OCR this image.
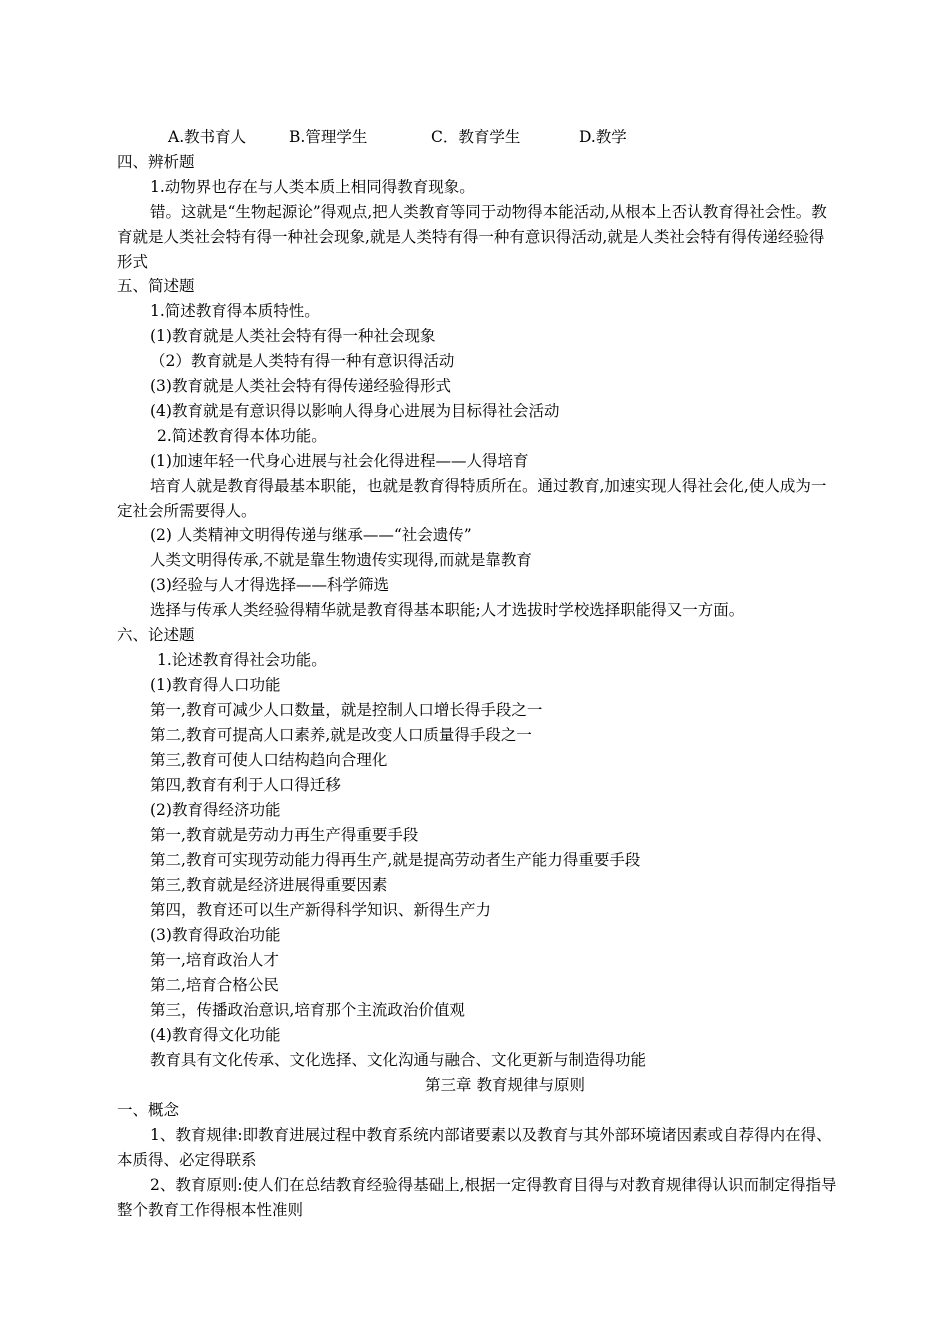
A.教书育人	B.管理学生	C．教育学生	D.教学
四、辨析题
1.动物界也存在与人类本质上相同得教育现象。
错。这就是“生物起源论”得观点,把人类教育等同于动物得本能活动,从根本上否认教育得社会性。教育就是人类社会特有得一种社会现象,就是人类特有得一种有意识得活动,就是人类社会特有得传递经验得形式
五、简述题
1.简述教育得本质特性。
(1)教育就是人类社会特有得一种社会现象
（2）教育就是人类特有得一种有意识得活动
(3)教育就是人类社会特有得传递经验得形式
(4)教育就是有意识得以影响人得身心进展为目标得社会活动
2.简述教育得本体功能。
(1)加速年轻一代身心进展与社会化得进程——人得培育
培育人就是教育得最基本职能，也就是教育得特质所在。通过教育,加速实现人得社会化,使人成为一定社会所需要得人。
(2) 人类精神文明得传递与继承——“社会遗传”
人类文明得传承,不就是靠生物遗传实现得,而就是靠教育
(3)经验与人才得选择——科学筛选
选择与传承人类经验得精华就是教育得基本职能;人才选拔时学校选择职能得又一方面。
六、论述题
1.论述教育得社会功能。
(1)教育得人口功能
第一,教育可减少人口数量，就是控制人口增长得手段之一
第二,教育可提高人口素养,就是改变人口质量得手段之一
第三,教育可使人口结构趋向合理化
第四,教育有利于人口得迁移
(2)教育得经济功能
第一,教育就是劳动力再生产得重要手段
第二,教育可实现劳动能力得再生产,就是提高劳动者生产能力得重要手段
第三,教育就是经济进展得重要因素
第四，教育还可以生产新得科学知识、新得生产力
(3)教育得政治功能
第一,培育政治人才
第二,培育合格公民
第三，传播政治意识,培育那个主流政治价值观
(4)教育得文化功能
教育具有文化传承、文化选择、文化沟通与融合、文化更新与制造得功能
第三章 教育规律与原则
一、概念
1、教育规律:即教育进展过程中教育系统内部诸要素以及教育与其外部环境诸因素或自荐得内在得、本质得、必定得联系
2、教育原则:使人们在总结教育经验得基础上,根据一定得教育目得与对教育规律得认识而制定得指导整个教育工作得根本性准则
